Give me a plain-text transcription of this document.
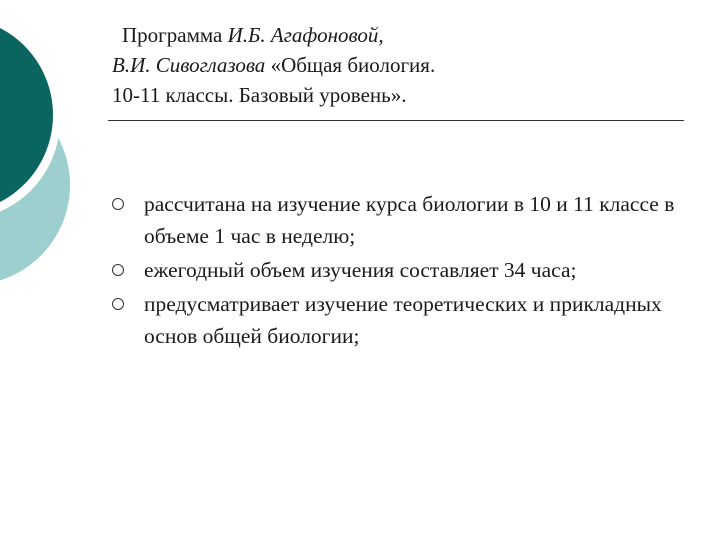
Программа И.Б. Агафоновой,
В.И. Сивоглазова «Общая биология.
10-11 классы. Базовый уровень».
рассчитана на изучение курса биологии в 10 и 11 классе в объеме 1 час в неделю;
ежегодный объем изучения составляет 34 часа;
предусматривает изучение теоретических и прикладных основ общей биологии;
